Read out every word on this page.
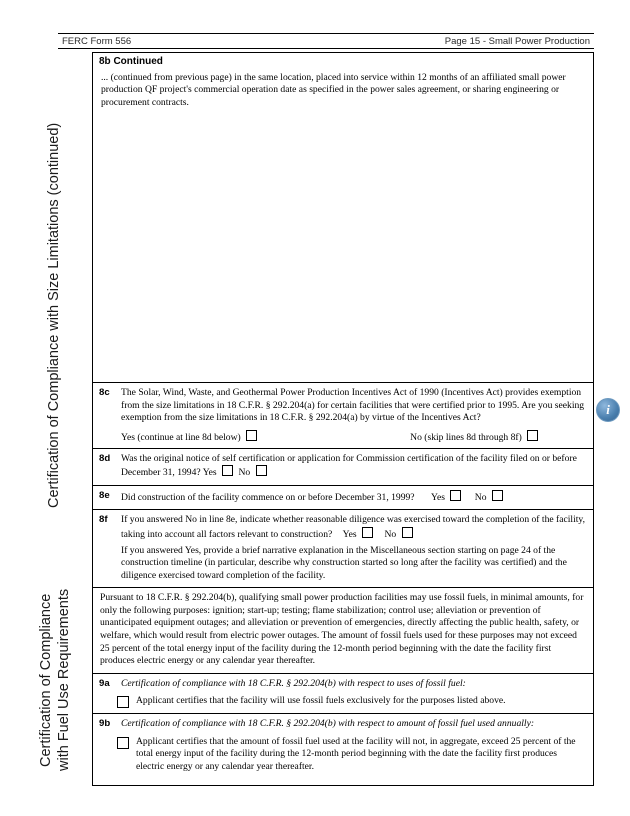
FERC Form 556	Page 15 - Small Power Production
Certification of Compliance with Size Limitations (continued)
Certification of Compliance with Fuel Use Requirements
8b Continued
... (continued from previous page) in the same location, placed into service within 12 months of an affiliated small power production QF project's commercial operation date as specified in the power sales agreement, or sharing engineering or procurement contracts.
8c	The Solar, Wind, Waste, and Geothermal Power Production Incentives Act of 1990 (Incentives Act) provides exemption from the size limitations in 18 C.F.R. § 292.204(a) for certain facilities that were certified prior to 1995. Are you seeking exemption from the size limitations in 18 C.F.R. § 292.204(a) by virtue of the Incentives Act?
Yes (continue at line 8d below)	No (skip lines 8d through 8f)
8d	Was the original notice of self certification or application for Commission certification of the facility filed on or before December 31, 1994? Yes No
8e	Did construction of the facility commence on or before December 31, 1999? Yes	No
8f	If you answered No in line 8e, indicate whether reasonable diligence was exercised toward the completion of the facility, taking into account all factors relevant to construction? Yes	No
If you answered Yes, provide a brief narrative explanation in the Miscellaneous section starting on page 24 of the construction timeline (in particular, describe why construction started so long after the facility was certified) and the diligence exercised toward completion of the facility.
Pursuant to 18 C.F.R. § 292.204(b), qualifying small power production facilities may use fossil fuels, in minimal amounts, for only the following purposes: ignition; start-up; testing; flame stabilization; control use; alleviation or prevention of unanticipated equipment outages; and alleviation or prevention of emergencies, directly affecting the public health, safety, or welfare, which would result from electric power outages. The amount of fossil fuels used for these purposes may not exceed 25 percent of the total energy input of the facility during the 12-month period beginning with the date the facility first produces electric energy or any calendar year thereafter.
9a	Certification of compliance with 18 C.F.R. § 292.204(b) with respect to uses of fossil fuel:
Applicant certifies that the facility will use fossil fuels exclusively for the purposes listed above.
9b	Certification of compliance with 18 C.F.R. § 292.204(b) with respect to amount of fossil fuel used annually:
Applicant certifies that the amount of fossil fuel used at the facility will not, in aggregate, exceed 25 percent of the total energy input of the facility during the 12-month period beginning with the date the facility first produces electric energy or any calendar year thereafter.
i
